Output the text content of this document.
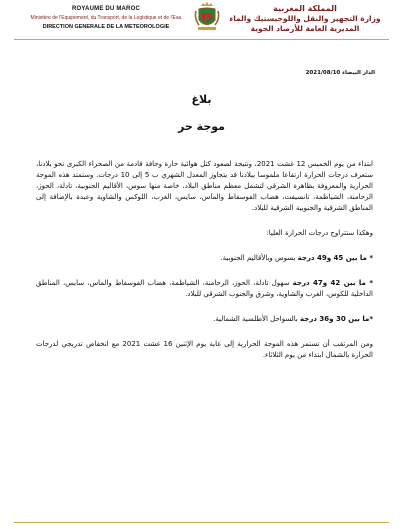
ROYAUME DU MAROC
Ministère de l'Equipement, du Transport, de la Logistique et de l'Eau
DIRECTION GENERALE DE LA METEOROLOGIE
المملكة المغربية
وزارة التجهيز والنقل واللوجيستيك والماء
المديرية العامة للأرصاد الجوية
الدار البيضاء 2021/08/10
بلاغ
موجة حر

ابتداء من يوم الخميس 12 غشت 2021، ونتيجة لصعود كتل هوائية حارة وجافة قادمة من الصحراء الكبرى نحو بلادنا، ستعرف درجات الحرارة ارتفاعا ملموسا ببلادنا قد يتجاوز المعدل الشهري ب 5 إلى 10 درجات. وستمتد هذه الموجة الحرارية والمعروفة بظاهرة الشرقي لتشمل معظم مناطق البلاد، خاصة منها سوس، الأقاليم الجنوبية، تادلة، الحوز، الرحامنة، الشياظمة، تانسيفت، هضاب الفوسفاط والماس، سايس، الغرب، اللوكس والشاوية وعبدة بالإضافة إلى المناطق الشرقية والجنوبية الشرقية للبلاد.

وهكذا ستتراوح درجات الحرارة العليا:

* ما بين 45 و49 درجة بسوس وبالأقاليم الجنوبية.

* ما بين 42 و47 درجة سهول تادلة، الحوز، الرحامنة، الشياظمة، هضاب الفوسفاط والماس، سايس، المناطق الداخلية للكوس، الغرب والشاوية، وشرق والجنوب الشرقي للبلاد.

*ما بين 30 و36 درجة بالسواحل الأطلسية الشمالية.

ومن المرتقب أن تستمر هذه الموجة الحرارية إلى غاية يوم الإثنين 16 غشت 2021 مع انخفاض تدريجي لدرجات الحرارة بالشمال ابتداء من يوم الثلاثاء.
